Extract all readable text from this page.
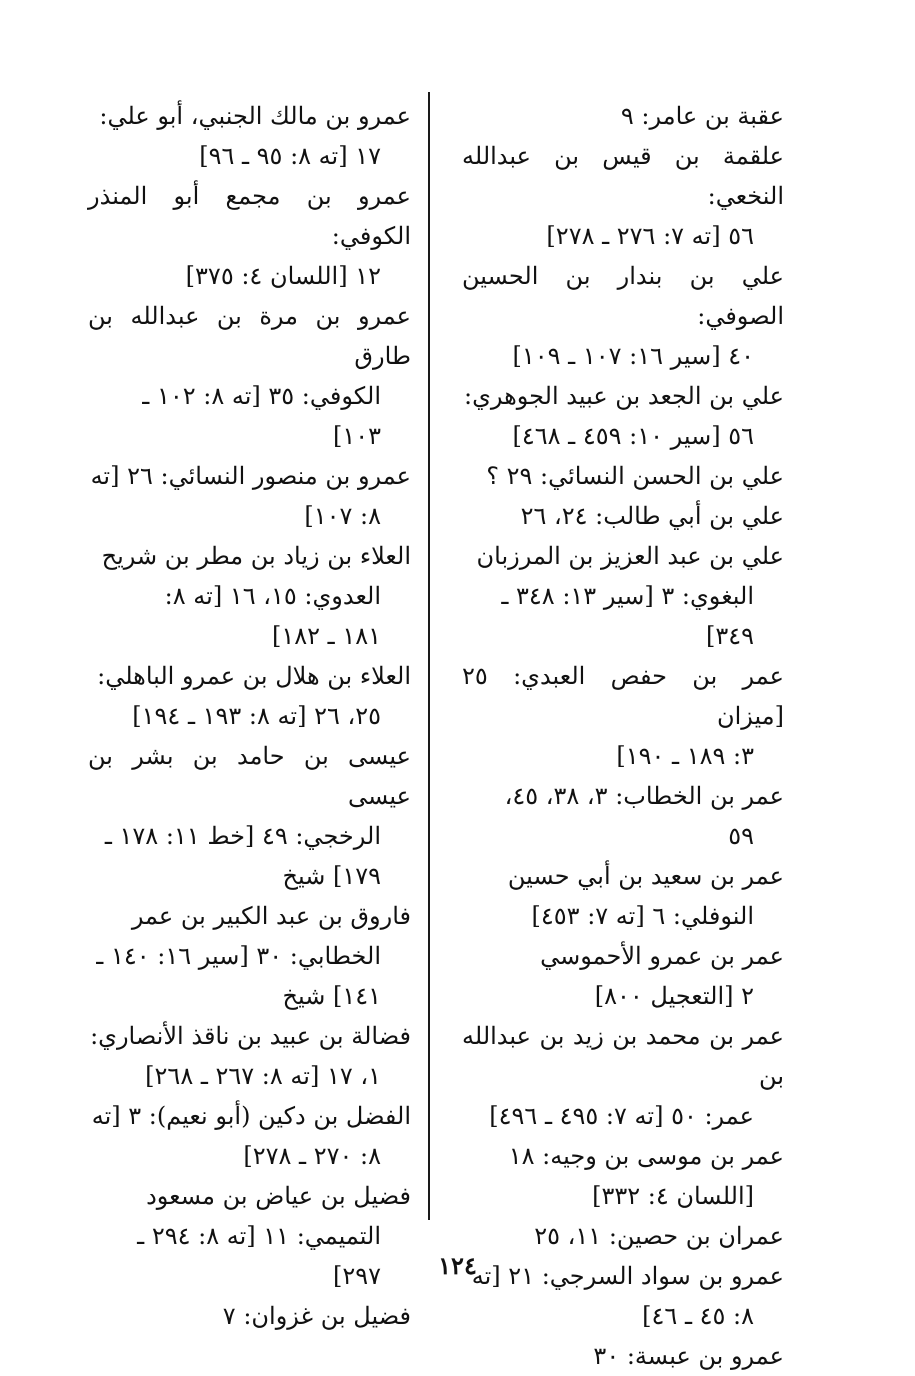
عقبة بن عامر: ٩
علقمة بن قيس بن عبدالله النخعي:
٥٦ [ته ٧: ٢٧٦ ـ ٢٧٨]
علي بن بندار بن الحسين الصوفي:
٤٠ [سير ١٦: ١٠٧ ـ ١٠٩]
علي بن الجعد بن عبيد الجوهري:
٥٦ [سير ١٠: ٤٥٩ ـ ٤٦٨]
علي بن الحسن النسائي: ٢٩ ؟
علي بن أبي طالب: ٢٤، ٢٦
علي بن عبد العزيز بن المرزبان
البغوي: ٣ [سير ١٣: ٣٤٨ ـ
٣٤٩]
عمر بن حفص العبدي: ٢٥ [ميزان
٣: ١٨٩ ـ ١٩٠]
عمر بن الخطاب: ٣، ٣٨، ٤٥،
٥٩
عمر بن سعيد بن أبي حسين
النوفلي: ٦ [ته ٧: ٤٥٣]
عمر بن عمرو الأحموسي
٢ [التعجيل ٨٠٠]
عمر بن محمد بن زيد بن عبدالله بن
عمر: ٥٠ [ته ٧: ٤٩٥ ـ ٤٩٦]
عمر بن موسى بن وجيه: ١٨
[اللسان ٤: ٣٣٢]
عمران بن حصين: ١١، ٢٥
عمرو بن سواد السرجي: ٢١ [ته
٨: ٤٥ ـ ٤٦]
عمرو بن عبسة: ٣٠
عمرو بن مالك الجنبي، أبو علي:
١٧ [ته ٨: ٩٥ ـ ٩٦]
عمرو بن مجمع أبو المنذر الكوفي:
١٢ [اللسان ٤: ٣٧٥]
عمرو بن مرة بن عبدالله بن طارق
الكوفي: ٣٥ [ته ٨: ١٠٢ ـ
١٠٣]
عمرو بن منصور النسائي: ٢٦ [ته
٨: ١٠٧]
العلاء بن زياد بن مطر بن شريح
العدوي: ١٥، ١٦ [ته ٨:
١٨١ ـ ١٨٢]
العلاء بن هلال بن عمرو الباهلي:
٢٥، ٢٦ [ته ٨: ١٩٣ ـ ١٩٤]
عيسى بن حامد بن بشر بن عيسى
الرخجي: ٤٩ [خط ١١: ١٧٨ ـ
١٧٩] شيخ
فاروق بن عبد الكبير بن عمر
الخطابي: ٣٠ [سير ١٦: ١٤٠ ـ
١٤١] شيخ
فضالة بن عبيد بن ناقذ الأنصاري:
١، ١٧ [ته ٨: ٢٦٧ ـ ٢٦٨]
الفضل بن دكين (أبو نعيم): ٣ [ته
٨: ٢٧٠ ـ ٢٧٨]
فضيل بن عياض بن مسعود
التميمي: ١١ [ته ٨: ٢٩٤ ـ
٢٩٧]
فضيل بن غزوان: ٧
١٢٤
